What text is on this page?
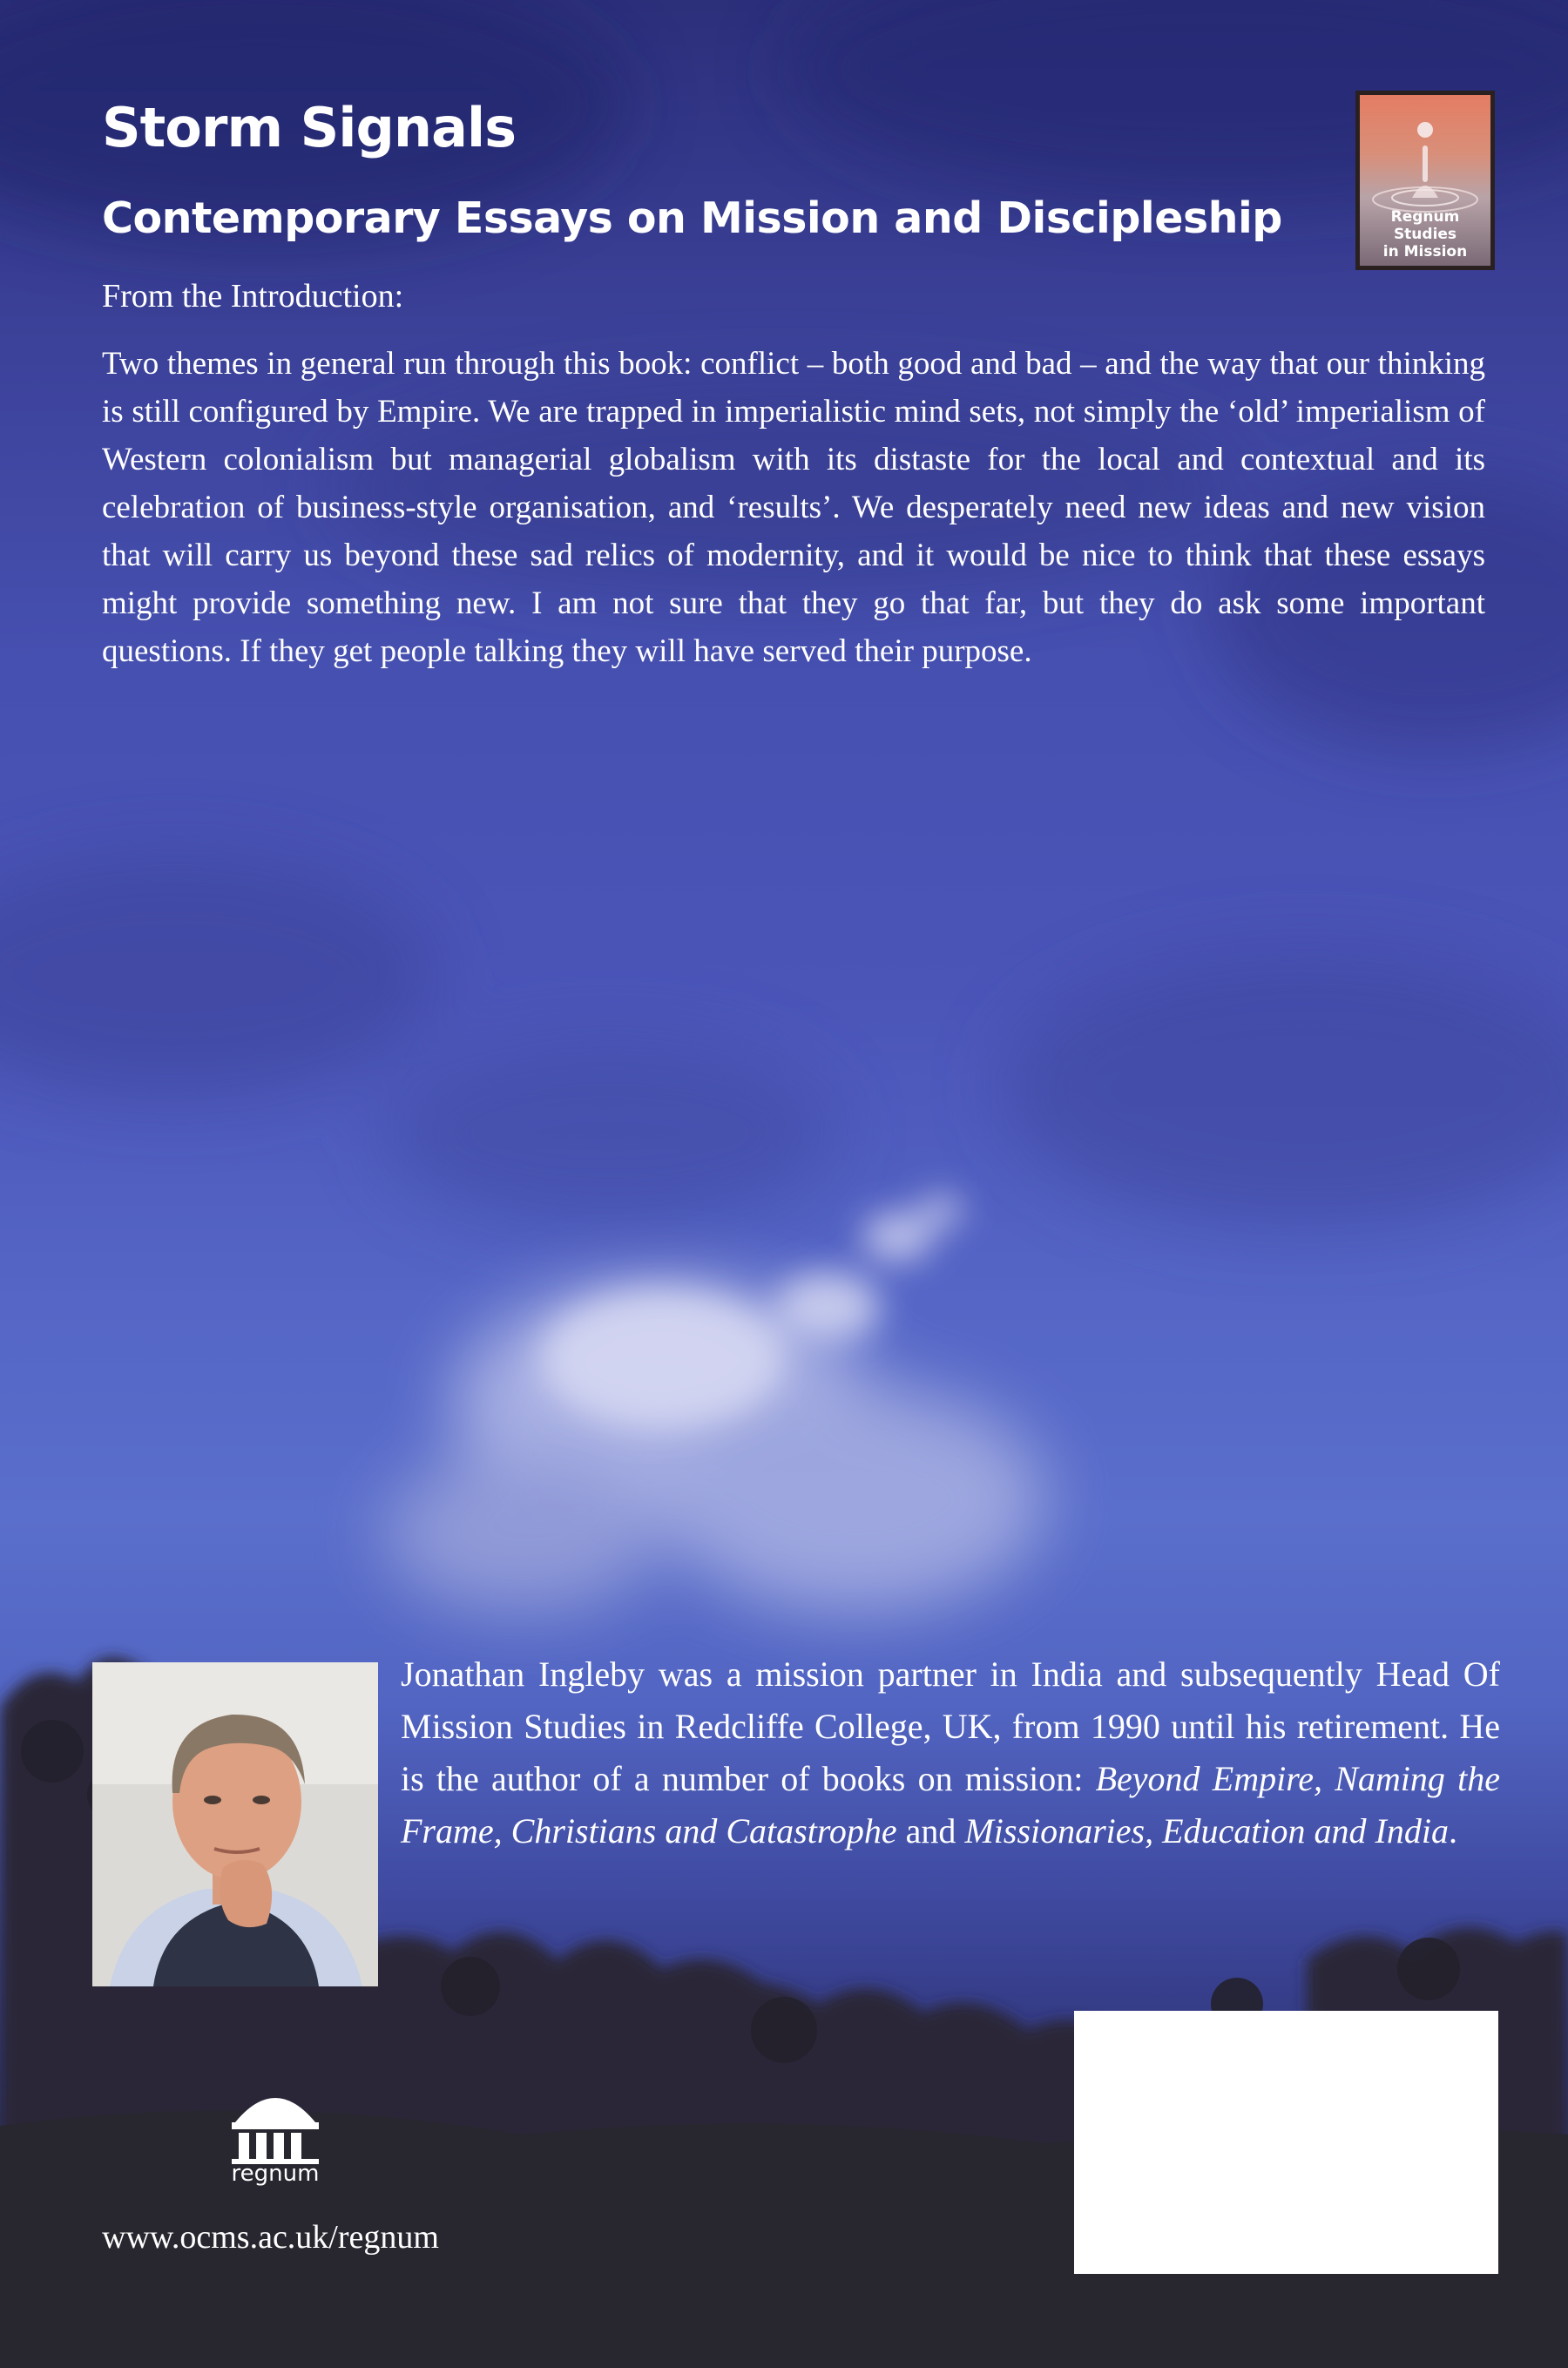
Storm Signals
Contemporary Essays on Mission and Discipleship
From the Introduction:

Two themes in general run through this book: conflict – both good and bad – and the way that our thinking is still configured by Empire. We are trapped in imperialistic mind sets, not simply the ‘old’ imperialism of Western colonialism but managerial globalism with its distaste for the local and contextual and its celebration of business-style organisation, and ‘results’. We desperately need new ideas and new vision that will carry us beyond these sad relics of modernity, and it would be nice to think that these essays might provide something new. I am not sure that they go that far, but they do ask some important questions. If they get people talking they will have served their purpose.

Regnum Studies
in Mission

Jonathan Ingleby was a mission partner in India and subsequently Head Of Mission Studies in Redcliffe College, UK, from 1990 until his retirement. He is the author of a number of books on mission: Beyond Empire, Naming the Frame, Christians and Catastrophe and Missionaries, Education and India.

regnum
www.ocms.ac.uk/regnum
